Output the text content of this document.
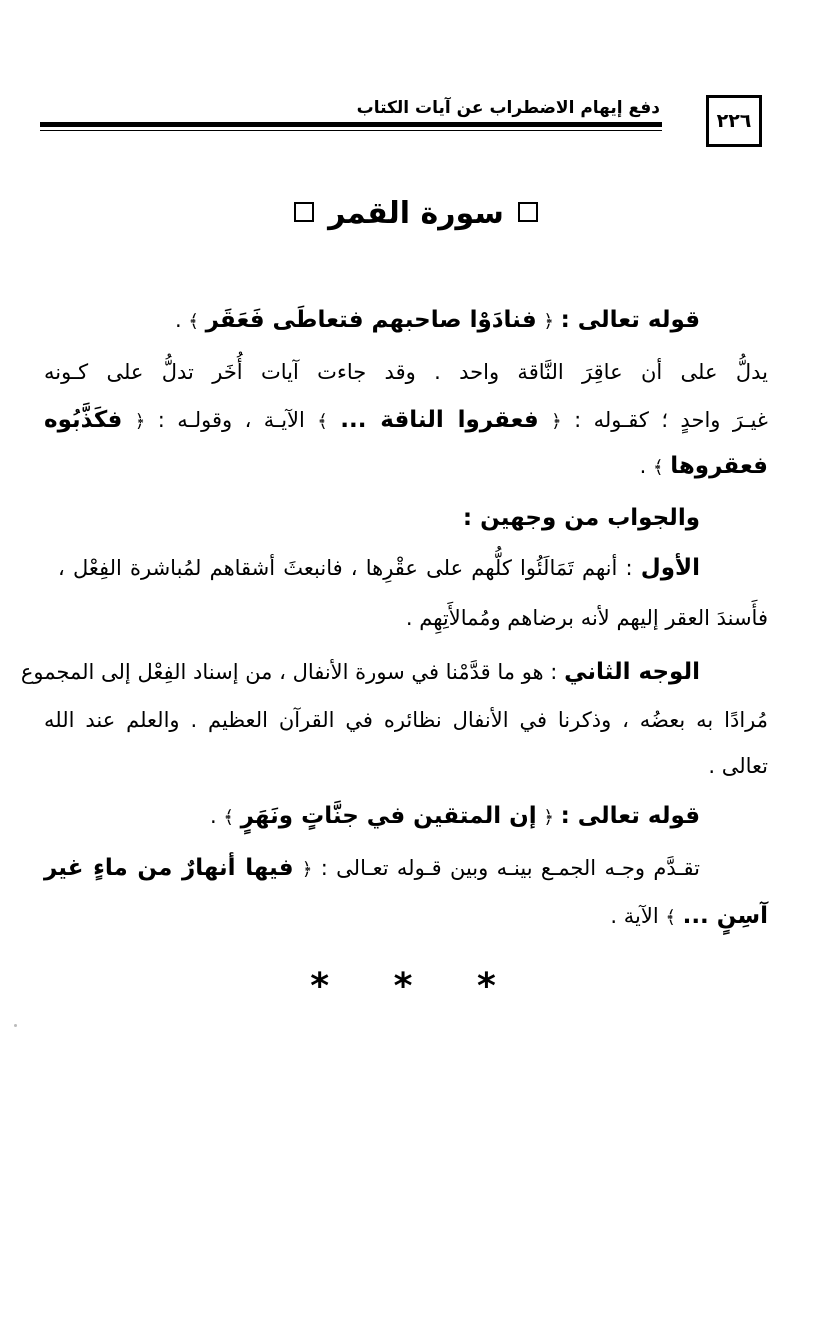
دفع إيهام الاضطراب عن آيات الكتاب
٢٢٦
سورة القمر
قوله تعالى : ﴿ فنادَوْا صاحبهم فتعاطَى فَعَقَر ﴾ .
يدلُّ على أن عاقِرَ النَّاقة واحد . وقد جاءت آيات أُخَر تدلُّ على كـونه
غيـرَ واحدٍ ؛ كقـوله : ﴿ فعقروا الناقة ... ﴾ الآيـة ، وقولـه : ﴿ فكَذَّبُوه
فعقروها ﴾ .
والجواب من وجهين :
الأول : أنهم تَمَالَئُوا كلُّهم على عقْرِها ، فانبعثَ أشقاهم لمُباشرة الفِعْل ،
فأَسندَ العقر إليهم لأنه برضاهم ومُمالأَتِهِم .
الوجه الثاني : هو ما قدَّمْنا في سورة الأنفال ، من إسناد الفِعْل إلى المجموع
مُرادًا به بعضُه ، وذكرنا في الأنفال نظائره في القرآن العظيم . والعلم عند الله
تعالى .
قوله تعالى : ﴿ إن المتقين في جنَّاتٍ ونَهَرٍ ﴾ .
تقـدَّم وجـه الجمـع بينـه وبين قـوله تعـالى : ﴿ فيها أنهارٌ من ماءٍ غير
آسِنٍ ... ﴾ الآية .
* * *
